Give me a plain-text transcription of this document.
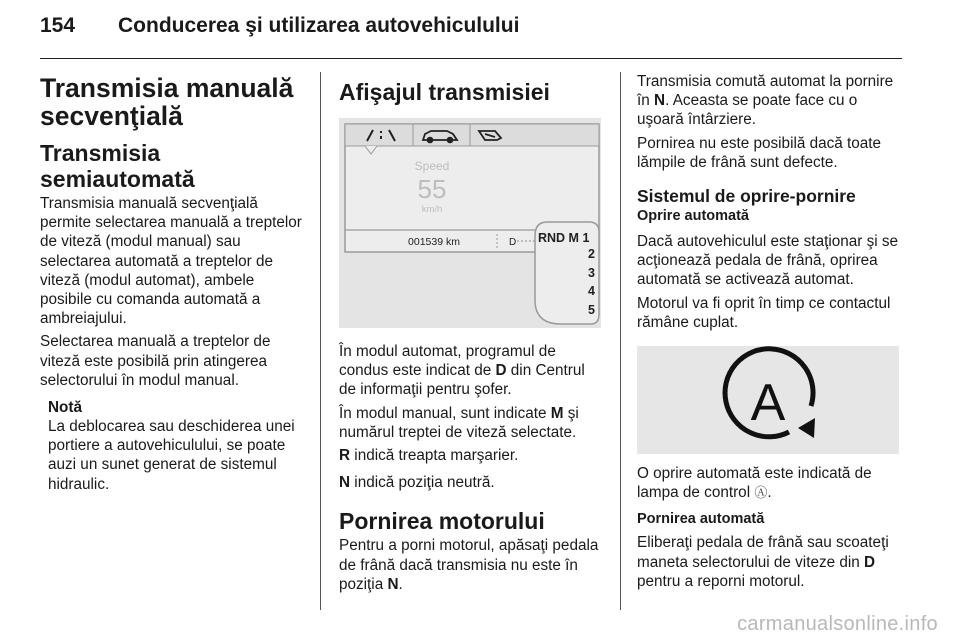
154	Conducerea şi utilizarea autovehiculului
Transmisia manuală secvenţială
Transmisia semiautomată

Transmisia manuală secvenţială permite selectarea manuală a treptelor de viteză (modul manual) sau selectarea automată a treptelor de viteză (modul automat), ambele posibile cu comanda automată a ambreiajului.

Selectarea manuală a treptelor de viteză este posibilă prin atingerea selectorului în modul manual.

Notă
La deblocarea sau deschiderea unei portiere a autovehiculului, se poate auzi un sunet generat de sistemul hidraulic.
Afişajul transmisiei
Speed
55
km/h
001539 km	D RND M 1
2
3
4
5

În modul automat, programul de condus este indicat de D din Centrul de informaţii pentru şofer.

În modul manual, sunt indicate M şi numărul treptei de viteză selectate.

R indică treapta marşarier.

N indică poziţia neutră.

Pornirea motorului

Pentru a porni motorul, apăsaţi pedala de frână dacă transmisia nu este în poziţia N.

Transmisia comută automat la pornire în N. Aceasta se poate face cu o uşoară întârziere.

Pornirea nu este posibilă dacă toate lămpile de frână sunt defecte.

Sistemul de oprire-pornire
Oprire automată

Dacă autovehiculul este staţionar şi se acţionează pedala de frână, oprirea automată se activează automat.

Motorul va fi oprit în timp ce contactul rămâne cuplat.

A

O oprire automată este indicată de lampa de control Ⓐ.

Pornirea automată

Eliberaţi pedala de frână sau scoateţi maneta selectorului de viteze din D pentru a reporni motorul.

carmanualsonline.info
